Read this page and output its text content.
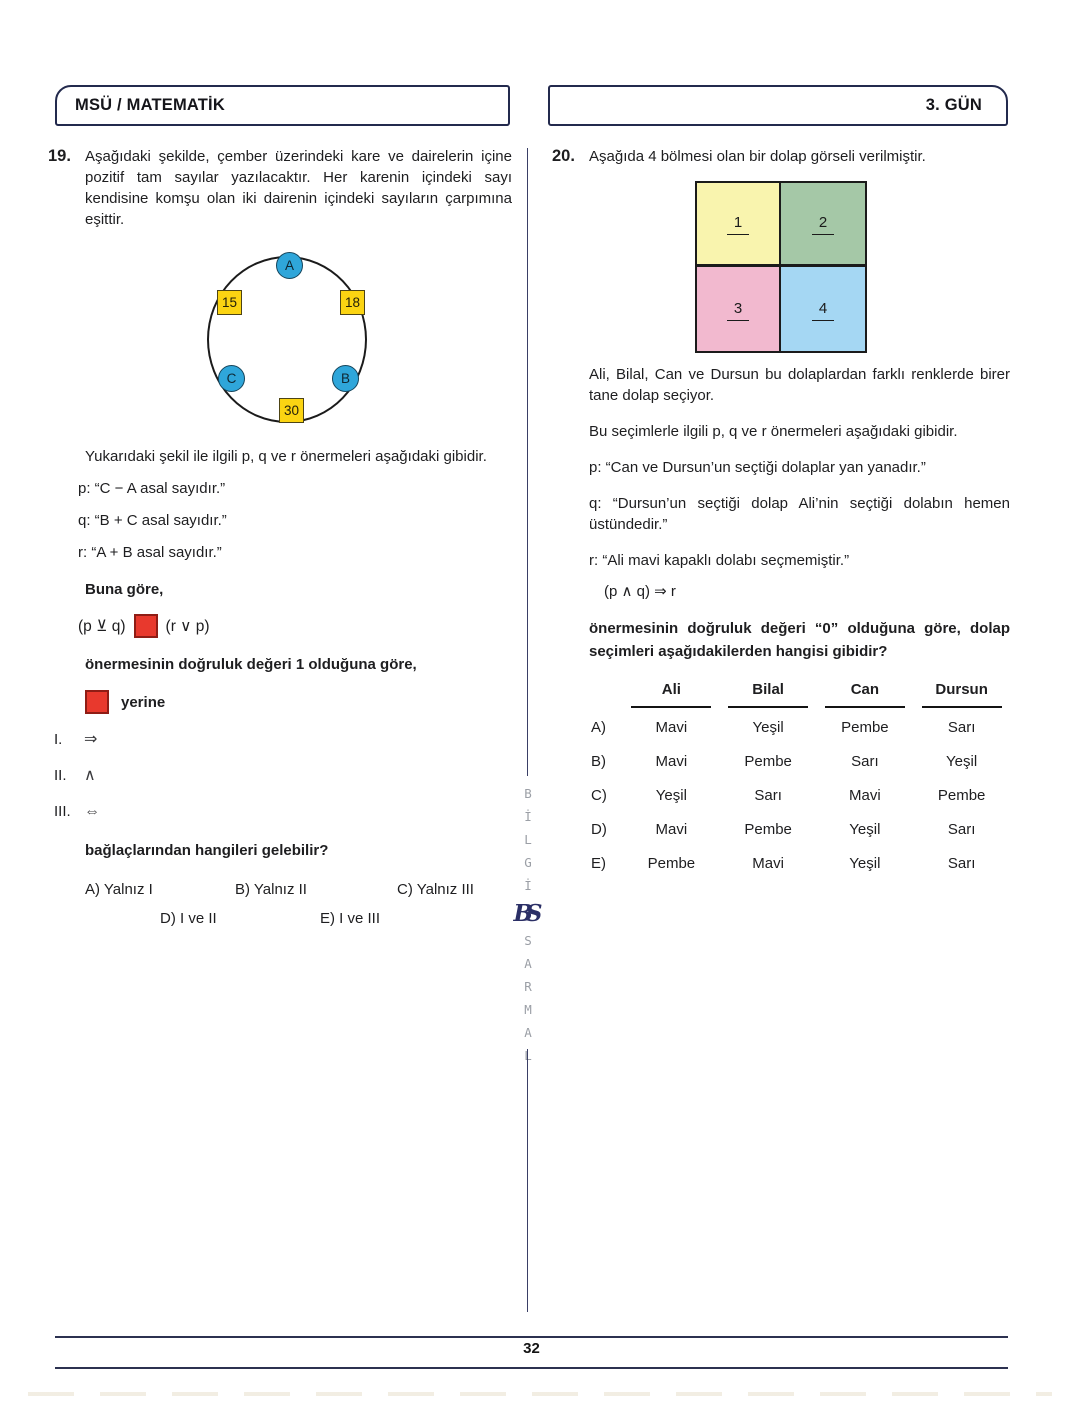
MSÜ / MATEMATİK	3. GÜN
19. Aşağıdaki şekilde, çember üzerindeki kare ve dairelerin içine pozitif tam sayılar yazılacaktır. Her karenin içindeki sayı kendisine komşu olan iki dairenin içindeki sayıların çarpımına eşittir.

15	18
30
A
B
C

Yukarıdaki şekil ile ilgili p, q ve r önermeleri aşağıdaki gibidir.

p: “C − A asal sayıdır.”

q: “B + C asal sayıdır.”

r: “A + B asal sayıdır.”

Buna göre,

(p ⊻ q)	(r ∨ p)

önermesinin doğruluk değeri 1 olduğuna göre,

yerine
I.	⇒
II.	∧
III. ⇔

bağlaçlarından hangileri gelebilir?

A) Yalnız I	B) Yalnız II	C) Yalnız III
D) I ve II	E) I ve III
20. Aşağıda 4 bölmesi olan bir dolap görseli verilmiştir.

1	2
3	4

Ali, Bilal, Can ve Dursun bu dolaplardan farklı renklerde birer tane dolap seçiyor.

Bu seçimlerle ilgili p, q ve r önermeleri aşağıdaki gibidir.

p: “Can ve Dursun’un seçtiği dolaplar yan yanadır.”

q: “Dursun’un seçtiği dolap Ali’nin seçtiği dolabın hemen üstündedir.”

r: “Ali mavi kapaklı dolabı seçmemiştir.”

(p ∧ q) ⇒ r

önermesinin doğruluk değeri “0” olduğuna göre, dolap seçimleri aşağıdakilerden hangisi gibidir?

Ali	Bilal	Can	Dursun
A)	Mavi	Yeşil	Pembe	Sarı
B)	Mavi	Pembe	Sarı	Yeşil
C)	Yeşil	Sarı	Mavi	Pembe
D)	Mavi	Pembe	Yeşil	Sarı
E)	Pembe	Mavi	Yeşil	Sarı
B
İ
L
G
İ
BS
S
A
R
M
A
L
32
